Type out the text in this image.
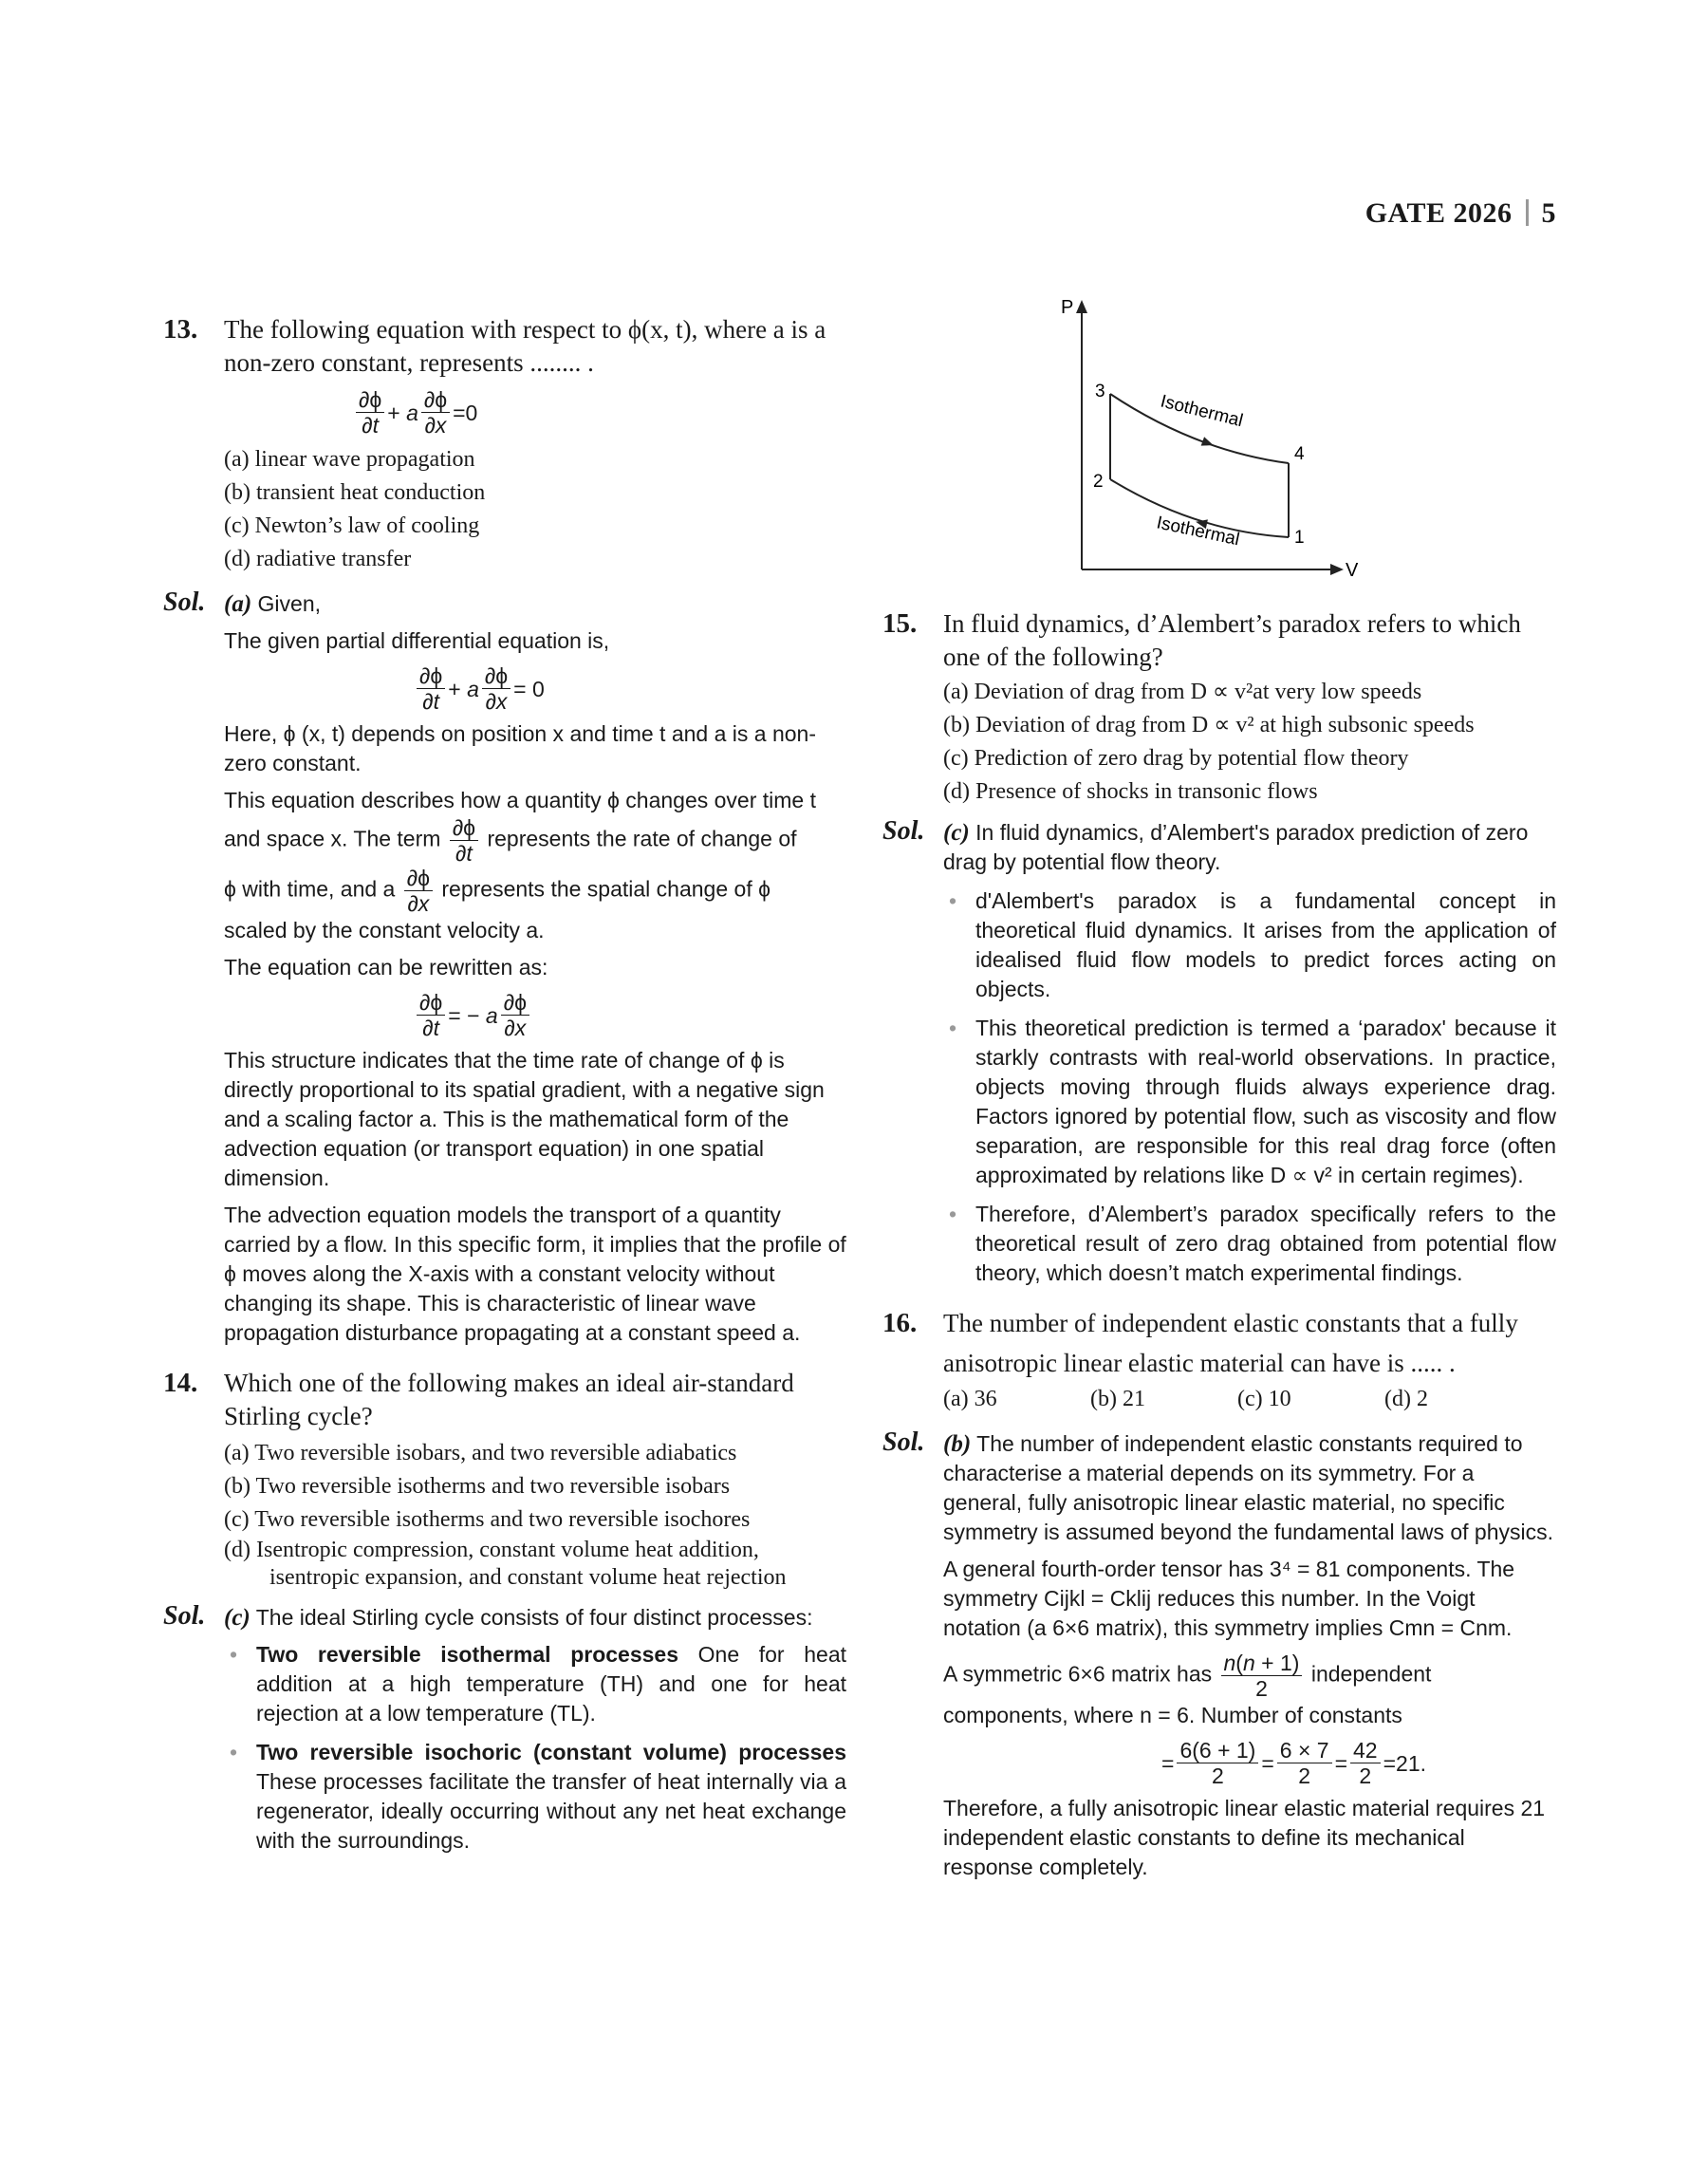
GATE 2026 5
13. The following equation with respect to ϕ(x, t), where a is a non-zero constant, represents ........ .
$\frac{\partial\phi}{\partial t} + a \frac{\partial\phi}{\partial x} =0$
(a) linear wave propagation
(b) transient heat conduction
(c) Newton’s law of cooling
(d) radiative transfer
Sol. (a) Given,

The given partial differential equation is,

$\frac{\partial\phi}{\partial t} + a \frac{\partial\phi}{\partial x} = 0$

Here, ϕ (x, t) depends on position x and time t and a is a non-zero constant.

This equation describes how a quantity ϕ changes over time t and space x. The term $\frac{\partial\phi}{\partial t}$ represents the rate of change of

ϕ with time, and a $\frac{\partial\phi}{\partial x}$ represents the spatial change of ϕ

scaled by the constant velocity a.

The equation can be rewritten as:

$\frac{\partial\phi}{\partial t}$ = − a $\frac{\partial\phi}{\partial x}$

This structure indicates that the time rate of change of ϕ is directly proportional to its spatial gradient, with a negative sign and a scaling factor a. This is the mathematical form of the advection equation (or transport equation) in one spatial dimension.

The advection equation models the transport of a quantity carried by a flow. In this specific form, it implies that the profile of ϕ moves along the X-axis with a constant velocity without changing its shape. This is characteristic of linear wave propagation disturbance propagating at a constant speed a.

14. Which one of the following makes an ideal air-standard Stirling cycle?
(a) Two reversible isobars, and two reversible adiabatics
(b) Two reversible isotherms and two reversible isobars
(c) Two reversible isotherms and two reversible isochores
(d) Isentropic compression, constant volume heat addition, isentropic expansion, and constant volume heat rejection
Sol. (c) The ideal Stirling cycle consists of four distinct processes:

• Two reversible isothermal processes One for heat addition at a high temperature (TH) and one for heat rejection at a low temperature (TL).
• Two reversible isochoric (constant volume) processes These processes facilitate the transfer of heat internally via a regenerator, ideally occurring without any net heat exchange with the surroundings.
P
V
3
2
4
1
Isothermal
Isothermal
15. In fluid dynamics, d’Alembert’s paradox refers to which one of the following?
(a) Deviation of drag from D ∝ v²at very low speeds
(b) Deviation of drag from D ∝ v² at high subsonic speeds
(c) Prediction of zero drag by potential flow theory
(d) Presence of shocks in transonic flows
Sol. (c) In fluid dynamics, d’Alembert's paradox prediction of zero drag by potential flow theory.

• d'Alembert's paradox is a fundamental concept in theoretical fluid dynamics. It arises from the application of idealised fluid flow models to predict forces acting on objects.
• This theoretical prediction is termed a ‘paradox' because it starkly contrasts with real-world observations. In practice, objects moving through fluids always experience drag. Factors ignored by potential flow, such as viscosity and flow separation, are responsible for this real drag force (often approximated by relations like D ∝ v² in certain regimes).
• Therefore, d’Alembert’s paradox specifically refers to the theoretical result of zero drag obtained from potential flow theory, which doesn’t match experimental findings.
16. The number of independent elastic constants that a fully anisotropic linear elastic material can have is ..... .
(a) 36	(b) 21	(c) 10	(d) 2
Sol. (b) The number of independent elastic constants required to characterise a material depends on its symmetry. For a general, fully anisotropic linear elastic material, no specific symmetry is assumed beyond the fundamental laws of physics.

A general fourth-order tensor has 3⁴ = 81 components. The symmetry Cijkl = Cklij reduces this number. In the Voigt notation (a 6×6 matrix), this symmetry implies Cmn = Cnm.

A symmetric 6×6 matrix has $\frac{n(n + 1)}{2}$ independent

components, where n = 6. Number of constants

= $\frac{6(6 + 1)}{2} = \frac{6 \times 7}{2} = \frac{42}{2} =21$.

Therefore, a fully anisotropic linear elastic material requires 21 independent elastic constants to define its mechanical response completely.
